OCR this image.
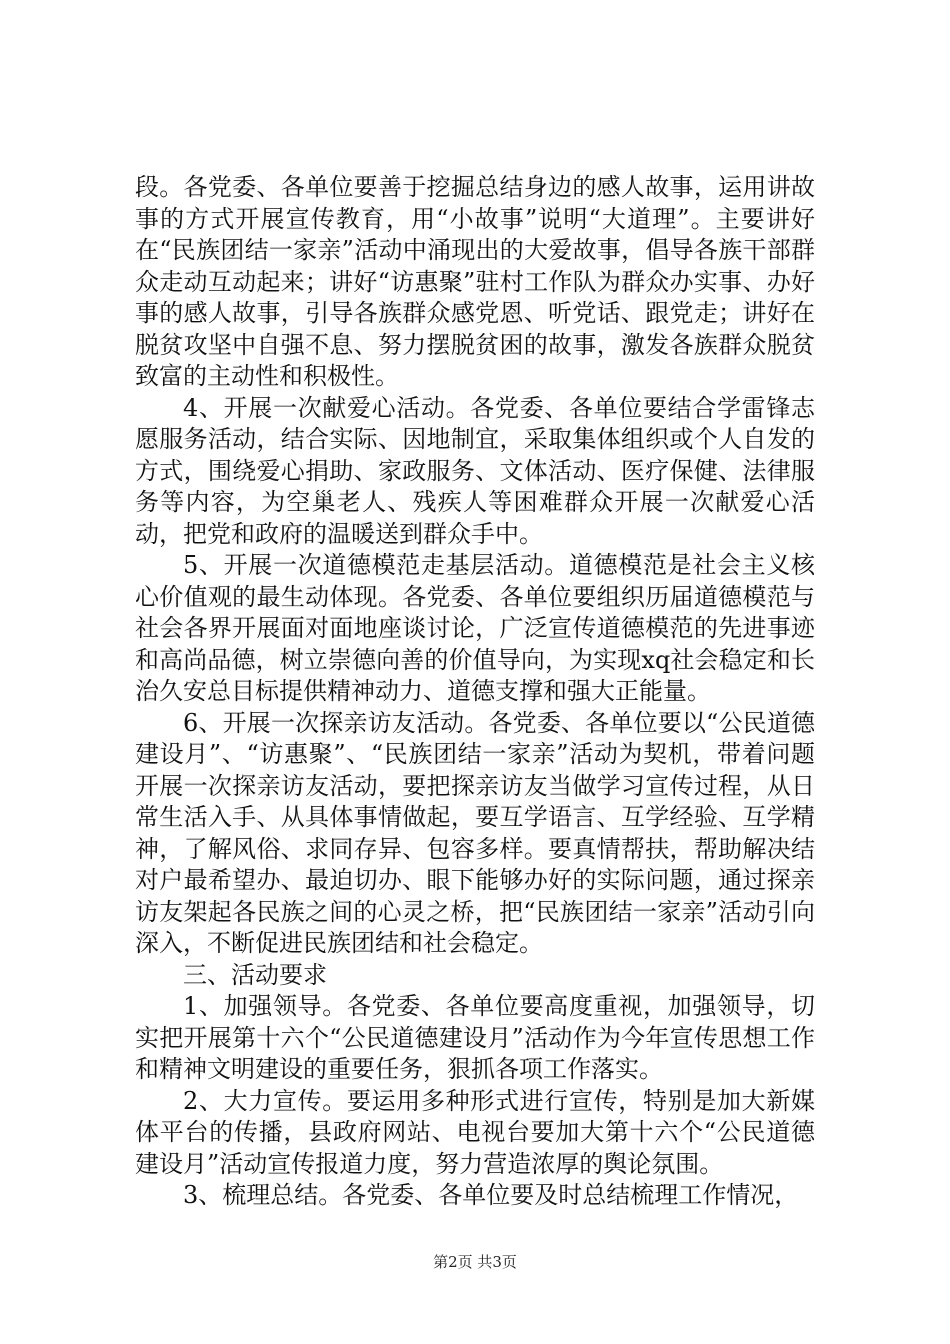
段。各党委、各单位要善于挖掘总结身边的感人故事，运用讲故事的方式开展宣传教育，用“小故事”说明“大道理”。主要讲好在“民族团结一家亲”活动中涌现出的大爱故事，倡导各族干部群众走动互动起来；讲好“访惠聚”驻村工作队为群众办实事、办好事的感人故事，引导各族群众感党恩、听党话、跟党走；讲好在脱贫攻坚中自强不息、努力摆脱贫困的故事，激发各族群众脱贫致富的主动性和积极性。

4、开展一次献爱心活动。各党委、各单位要结合学雷锋志愿服务活动，结合实际、因地制宜，采取集体组织或个人自发的方式，围绕爱心捐助、家政服务、文体活动、医疗保健、法律服务等内容，为空巢老人、残疾人等困难群众开展一次献爱心活动，把党和政府的温暖送到群众手中。

5、开展一次道德模范走基层活动。道德模范是社会主义核心价值观的最生动体现。各党委、各单位要组织历届道德模范与社会各界开展面对面地座谈讨论，广泛宣传道德模范的先进事迹和高尚品德，树立崇德向善的价值导向，为实现xq社会稳定和长治久安总目标提供精神动力、道德支撑和强大正能量。

6、开展一次探亲访友活动。各党委、各单位要以“公民道德建设月”、“访惠聚”、“民族团结一家亲”活动为契机，带着问题开展一次探亲访友活动，要把探亲访友当做学习宣传过程，从日常生活入手、从具体事情做起，要互学语言、互学经验、互学精神，了解风俗、求同存异、包容多样。要真情帮扶，帮助解决结对户最希望办、最迫切办、眼下能够办好的实际问题，通过探亲访友架起各民族之间的心灵之桥，把“民族团结一家亲”活动引向深入，不断促进民族团结和社会稳定。

三、活动要求

1、加强领导。各党委、各单位要高度重视，加强领导，切实把开展第十六个“公民道德建设月”活动作为今年宣传思想工作和精神文明建设的重要任务，狠抓各项工作落实。

2、大力宣传。要运用多种形式进行宣传，特别是加大新媒体平台的传播，县政府网站、电视台要加大第十六个“公民道德建设月”活动宣传报道力度，努力营造浓厚的舆论氛围。

3、梳理总结。各党委、各单位要及时总结梳理工作情况，

第2页 共3页
